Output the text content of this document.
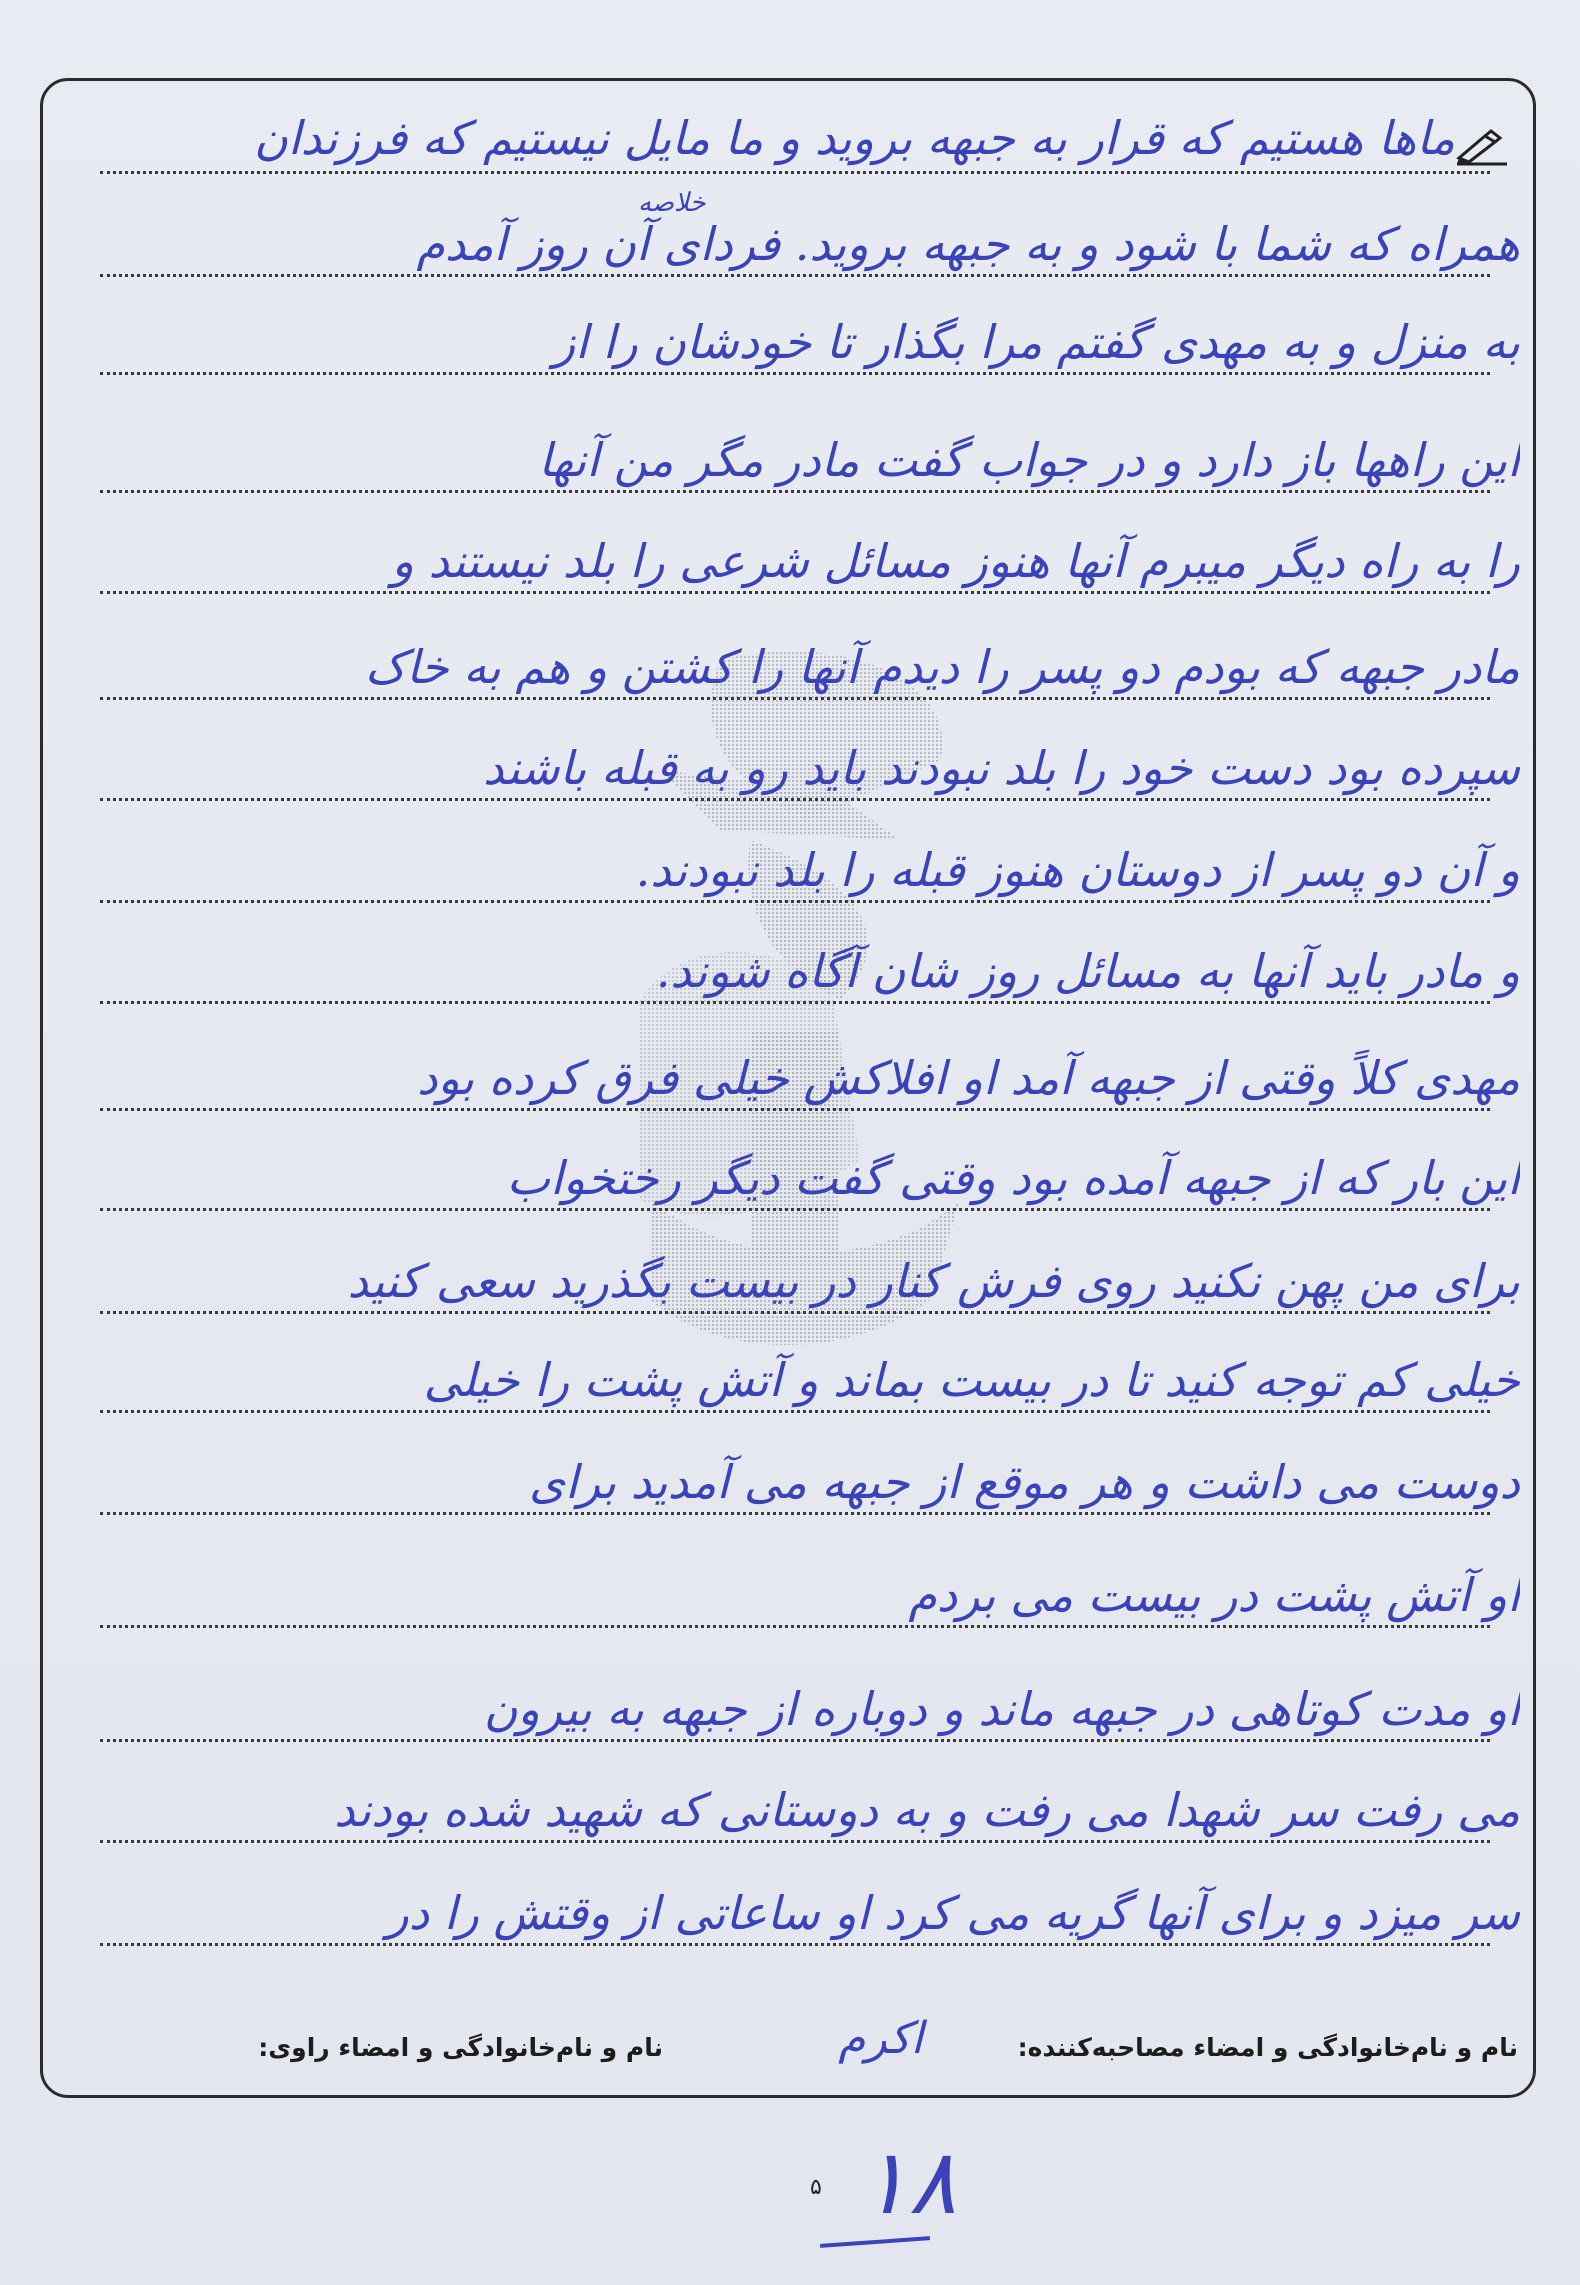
ماها هستیم که قرار به جبهه بروید و ما مایل نیستیم که فرزندان
خلاصه
همراه که شما با شود و به جبهه بروید. فردای آن روز آمدم
به منزل و به مهدی گفتم مرا بگذار تا خودشان را از
این راهها باز دارد و در جواب گفت مادر مگر من آنها
را به راه دیگر میبرم آنها هنوز مسائل شرعی را بلد نیستند و
مادر جبهه که بودم دو پسر را دیدم آنها را کشتن و هم به خاک
سپرده بود دست خود را بلد نبودند باید رو به قبله باشند
و آن دو پسر از دوستان هنوز قبله را بلد نبودند.
و مادر باید آنها به مسائل روز شان آگاه شوند.
مهدی کلاً وقتی از جبهه آمد او افلاکش خیلی فرق کرده بود
این بار که از جبهه آمده بود وقتی گفت دیگر رختخواب
برای من پهن نکنید روی فرش کنار در بیست بگذرید سعی کنید
خیلی کم توجه کنید تا در بیست بماند و آتش پشت را خیلی
دوست می داشت و هر موقع از جبهه می آمدید برای
او آتش پشت در بیست می بردم
او مدت کوتاهی در جبهه ماند و دوباره از جبهه به بیرون
می رفت سر شهدا می رفت و به دوستانی که شهید شده بودند
سر میزد و برای آنها گریه می کرد او ساعاتی از وقتش را در
نام و نام‌خانوادگی و امضاء مصاحبه‌کننده:
اکرم
نام و نام‌خانوادگی و امضاء راوی:
۵ ۱۸
